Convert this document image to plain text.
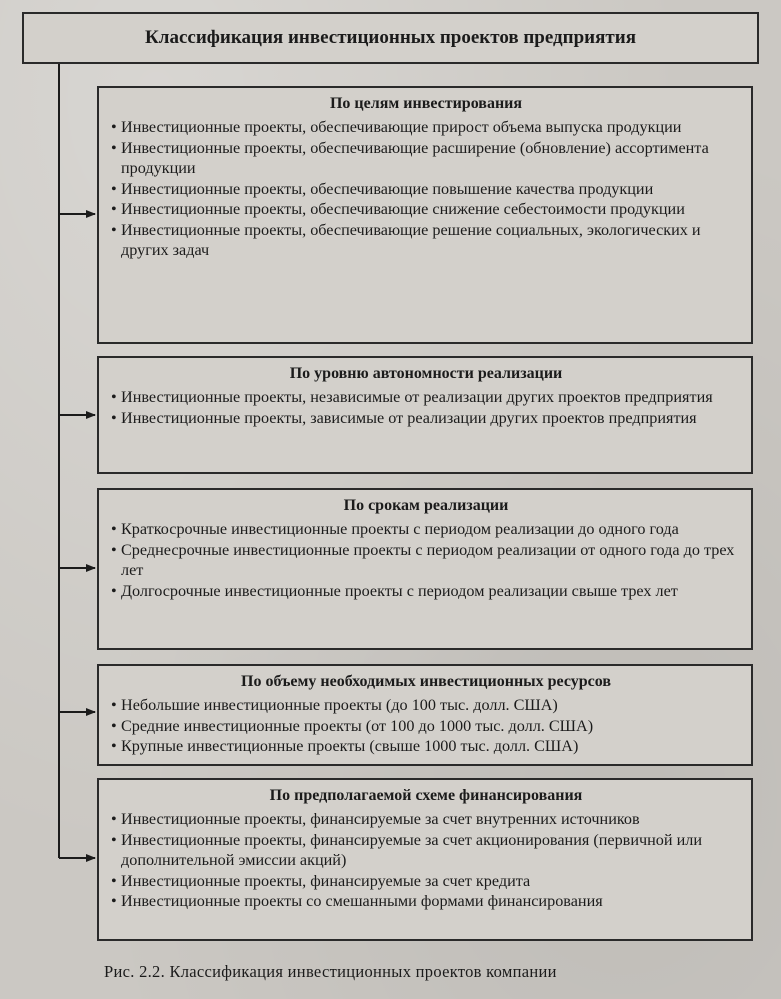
Классификация инвестиционных проектов предприятия
По целям инвестирования
• Инвестиционные проекты, обеспечивающие прирост объема выпуска продукции
• Инвестиционные проекты, обеспечивающие расширение (обновление) ассортимента продукции
• Инвестиционные проекты, обеспечивающие повышение качества продукции
• Инвестиционные проекты, обеспечивающие снижение себестоимости продукции
• Инвестиционные проекты, обеспечивающие решение социальных, экологических и других задач
По уровню автономности реализации
• Инвестиционные проекты, независимые от реализации других проектов предприятия
• Инвестиционные проекты, зависимые от реализации других проектов предприятия
По срокам реализации
• Краткосрочные инвестиционные проекты с периодом реализации до одного года
• Среднесрочные инвестиционные проекты с периодом реализации от одного года до трех лет
• Долгосрочные инвестиционные проекты с периодом реализации свыше трех лет
По объему необходимых инвестиционных ресурсов
• Небольшие инвестиционные проекты (до 100 тыс. долл. США)
• Средние инвестиционные проекты (от 100 до 1000 тыс. долл. США)
• Крупные инвестиционные проекты (свыше 1000 тыс. долл. США)
По предполагаемой схеме финансирования
• Инвестиционные проекты, финансируемые за счет внутренних источников
• Инвестиционные проекты, финансируемые за счет акционирования (первичной или дополнительной эмиссии акций)
• Инвестиционные проекты, финансируемые за счет кредита
• Инвестиционные проекты со смешанными формами финансирования
Рис. 2.2. Классификация инвестиционных проектов компании
